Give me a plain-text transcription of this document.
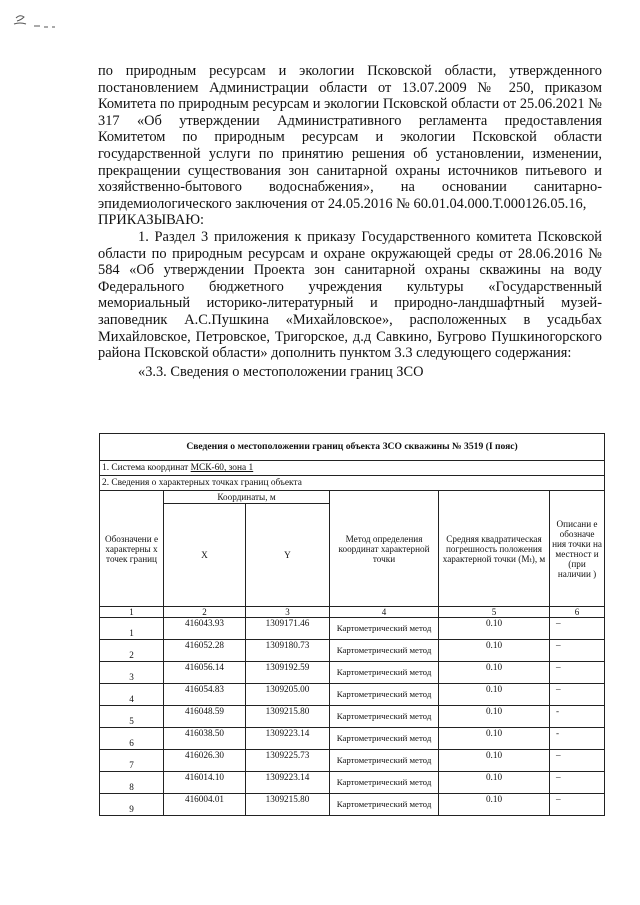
по природным ресурсам и экологии Псковской области, утвержденного постановлением Администрации области от 13.07.2009 № 250, приказом Комитета по природным ресурсам и экологии Псковской области от 25.06.2021 № 317 «Об утверждении Административного регламента предоставления Комитетом по природным ресурсам и экологии Псковской области государственной услуги по принятию решения об установлении, изменении, прекращении существования зон санитарной охраны источников питьевого и хозяйственно-бытового водоснабжения», на основании санитарно-эпидемиологического заключения от 24.05.2016 № 60.01.04.000.Т.000126.05.16,

ПРИКАЗЫВАЮ:

1. Раздел 3 приложения к приказу Государственного комитета Псковской области по природным ресурсам и охране окружающей среды от 28.06.2016 № 584 «Об утверждении Проекта зон санитарной охраны скважины на воду Федерального бюджетного учреждения культуры «Государственный мемориальный историко-литературный и природно-ландшафтный музей-заповедник А.С.Пушкина «Михайловское», расположенных в усадьбах Михайловское, Петровское, Тригорское, д.д Савкино, Бугрово Пушкиногорского района Псковской области» дополнить пунктом 3.3 следующего содержания:

«3.3. Сведения о местоположении границ ЗСО

Сведения о местоположении границ объекта ЗСО скважины № 3519 (I пояс)					
1. Система координат МСК-60, зона 1					
2. Сведения о характерных точках границ объекта					
Обозначени е характерны х точек границ	Координаты, м		Метод определения координат характерной точки	Средняя квадратическая погрешность положения характерной точки (Mₜ), м	Описани е обозначе ния точки на местност и (при наличии )
	X	Y			
1	2	3	4	5	6
1	416043.93	1309171.46	Картометрический метод	0.10	–
2	416052.28	1309180.73	Картометрический метод	0.10	–
3	416056.14	1309192.59	Картометрический метод	0.10	–
4	416054.83	1309205.00	Картометрический метод	0.10	–
5	416048.59	1309215.80	Картометрический метод	0.10	-
6	416038.50	1309223.14	Картометрический метод	0.10	-
7	416026.30	1309225.73	Картометрический метод	0.10	–
8	416014.10	1309223.14	Картометрический метод	0.10	–
9	416004.01	1309215.80	Картометрический метод	0.10	–
